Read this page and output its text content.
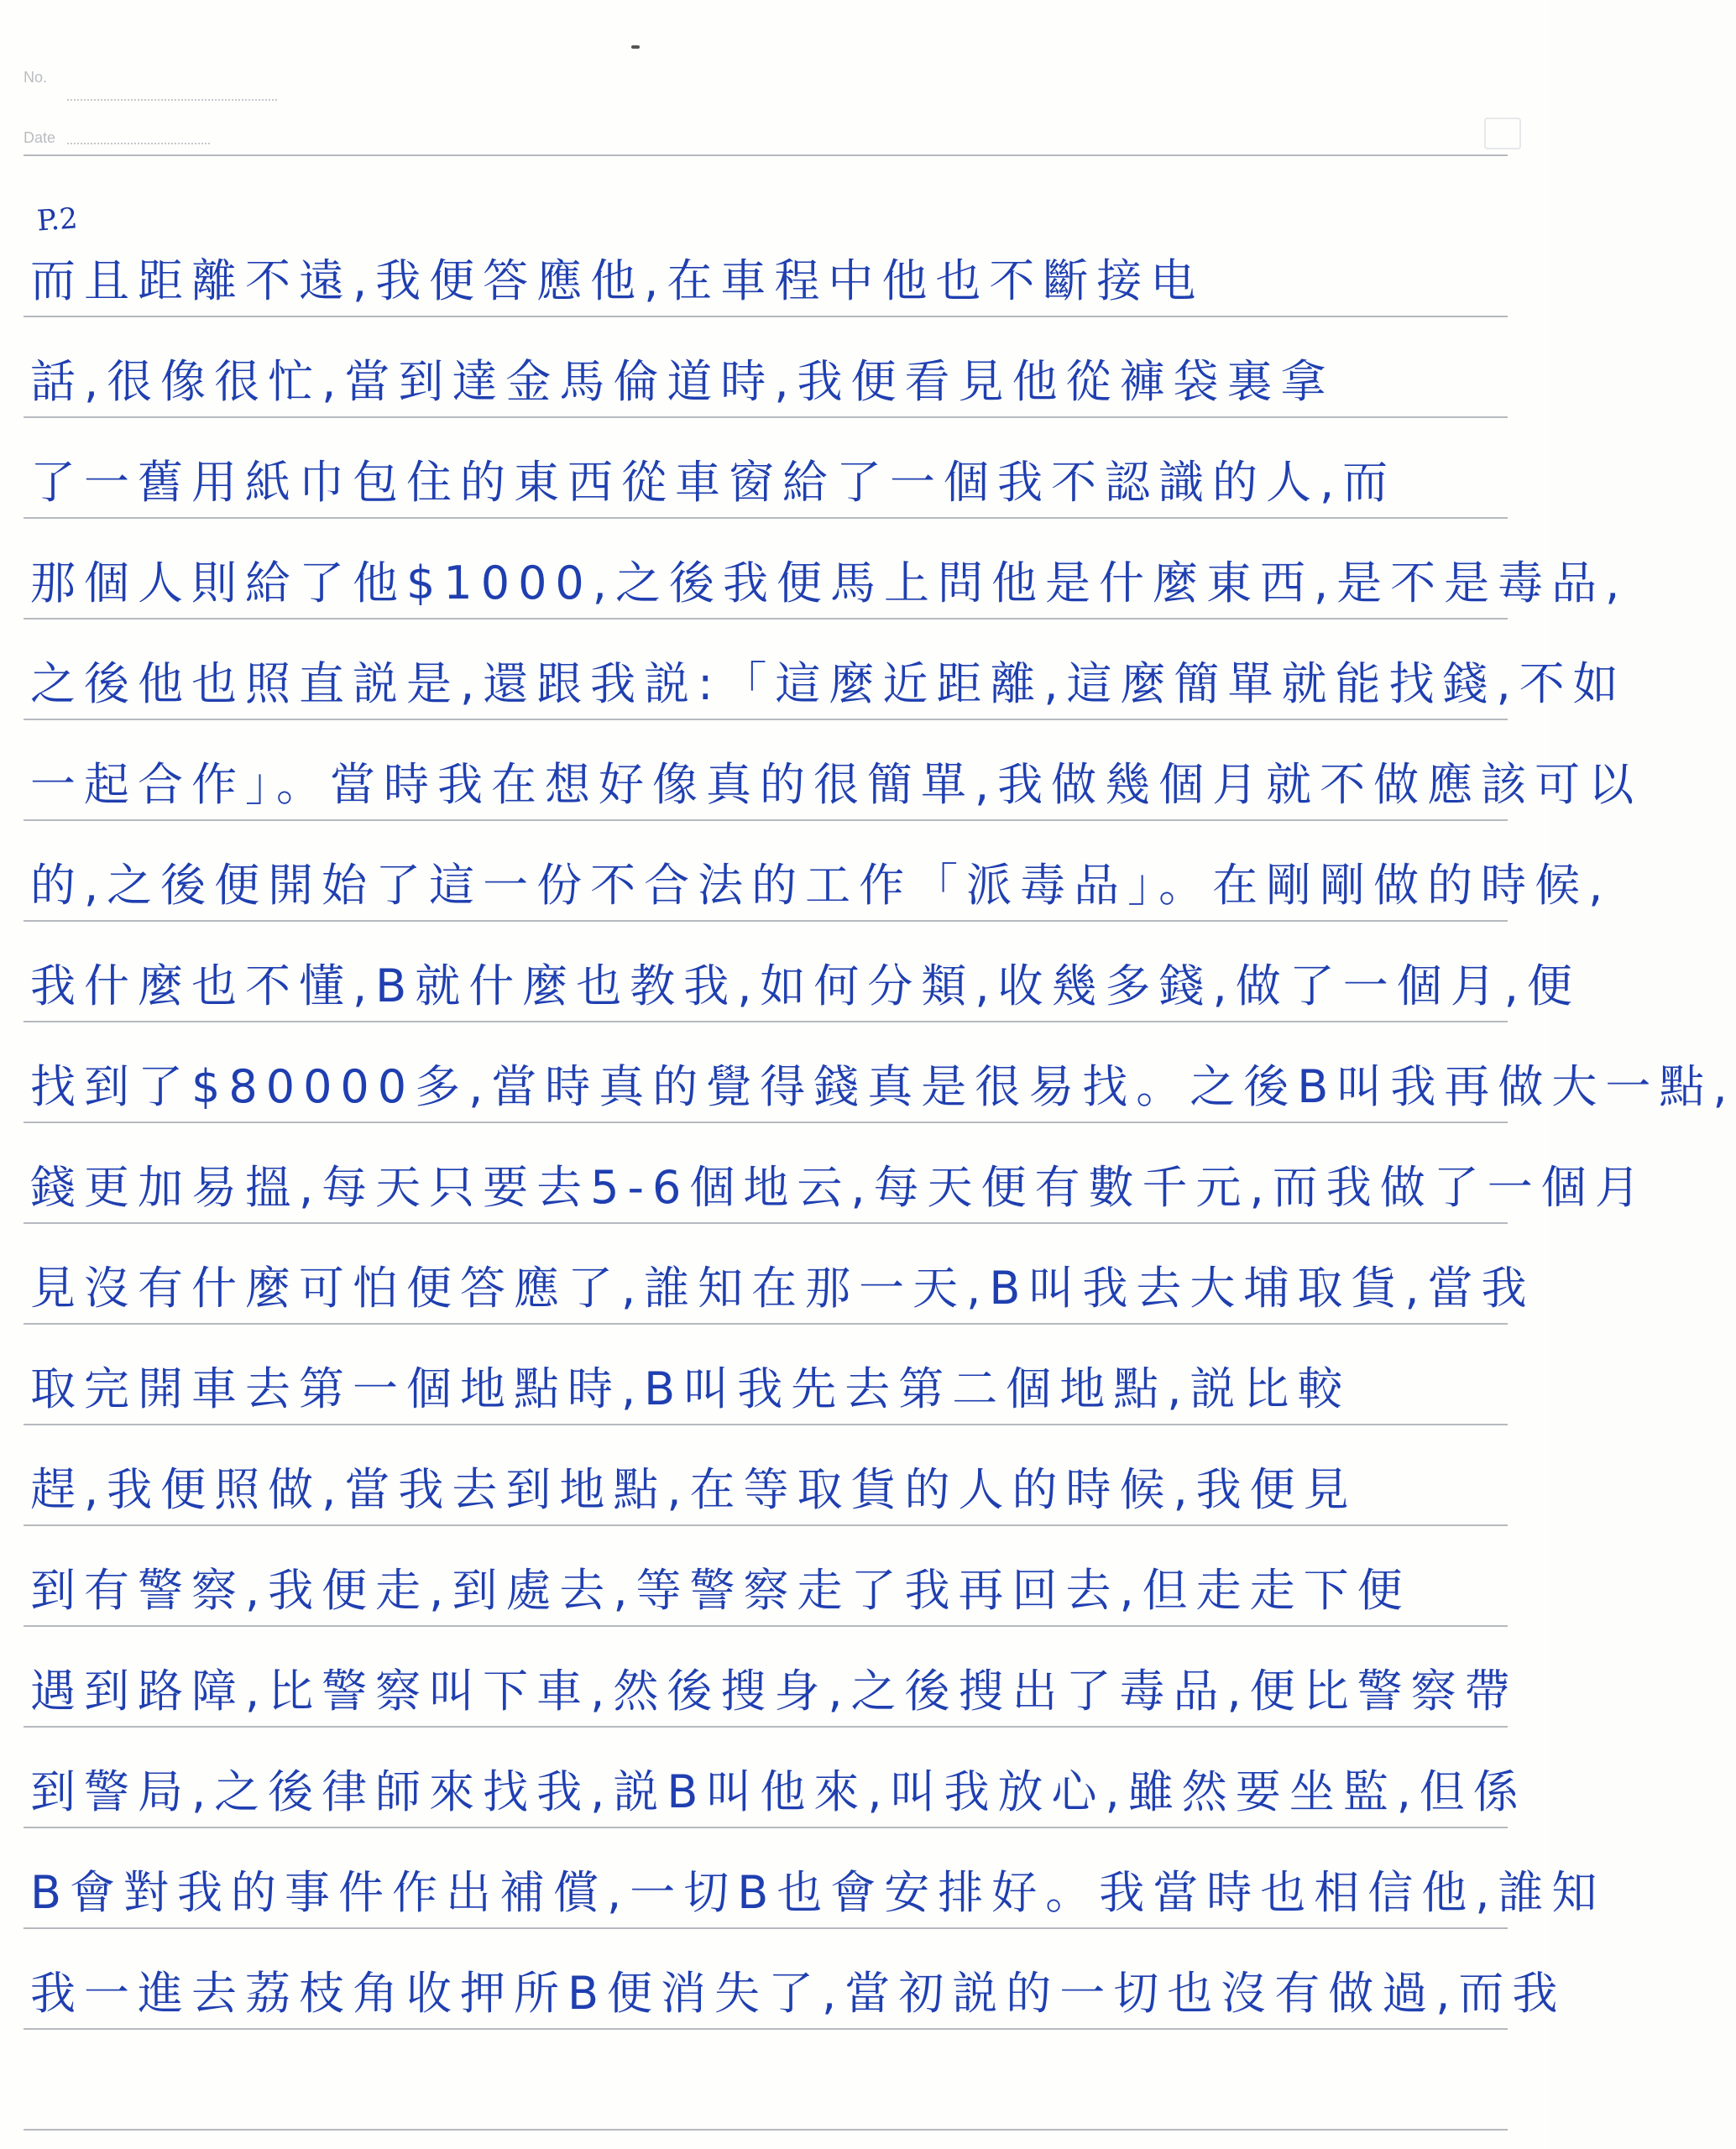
No.
Date
P.2
而且距離不遠,我便答應他,在車程中他也不斷接电
話,很像很忙,當到達金馬倫道時,我便看見他從褲袋裏拿
了一舊用紙巾包住的東西從車窗給了一個我不認識的人,而
那個人則給了他$1000,之後我便馬上問他是什麼東西,是不是毒品,
之後他也照直説是,還跟我説:「這麼近距離,這麼簡單就能找錢,不如
一起合作」。當時我在想好像真的很簡單,我做幾個月就不做應該可以
的,之後便開始了這一份不合法的工作「派毒品」。在剛剛做的時候,
我什麼也不懂,B就什麼也教我,如何分類,收幾多錢,做了一個月,便
找到了$80000多,當時真的覺得錢真是很易找。之後B叫我再做大一點,
錢更加易搵,每天只要去5-6個地云,每天便有數千元,而我做了一個月
見沒有什麼可怕便答應了,誰知在那一天,B叫我去大埔取貨,當我
取完開車去第一個地點時,B叫我先去第二個地點,説比較
趕,我便照做,當我去到地點,在等取貨的人的時候,我便見
到有警察,我便走,到處去,等警察走了我再回去,但走走下便
遇到路障,比警察叫下車,然後搜身,之後搜出了毒品,便比警察帶
到警局,之後律師來找我,説B叫他來,叫我放心,雖然要坐監,但係
B會對我的事件作出補償,一切B也會安排好。我當時也相信他,誰知
我一進去荔枝角收押所B便消失了,當初説的一切也沒有做過,而我
